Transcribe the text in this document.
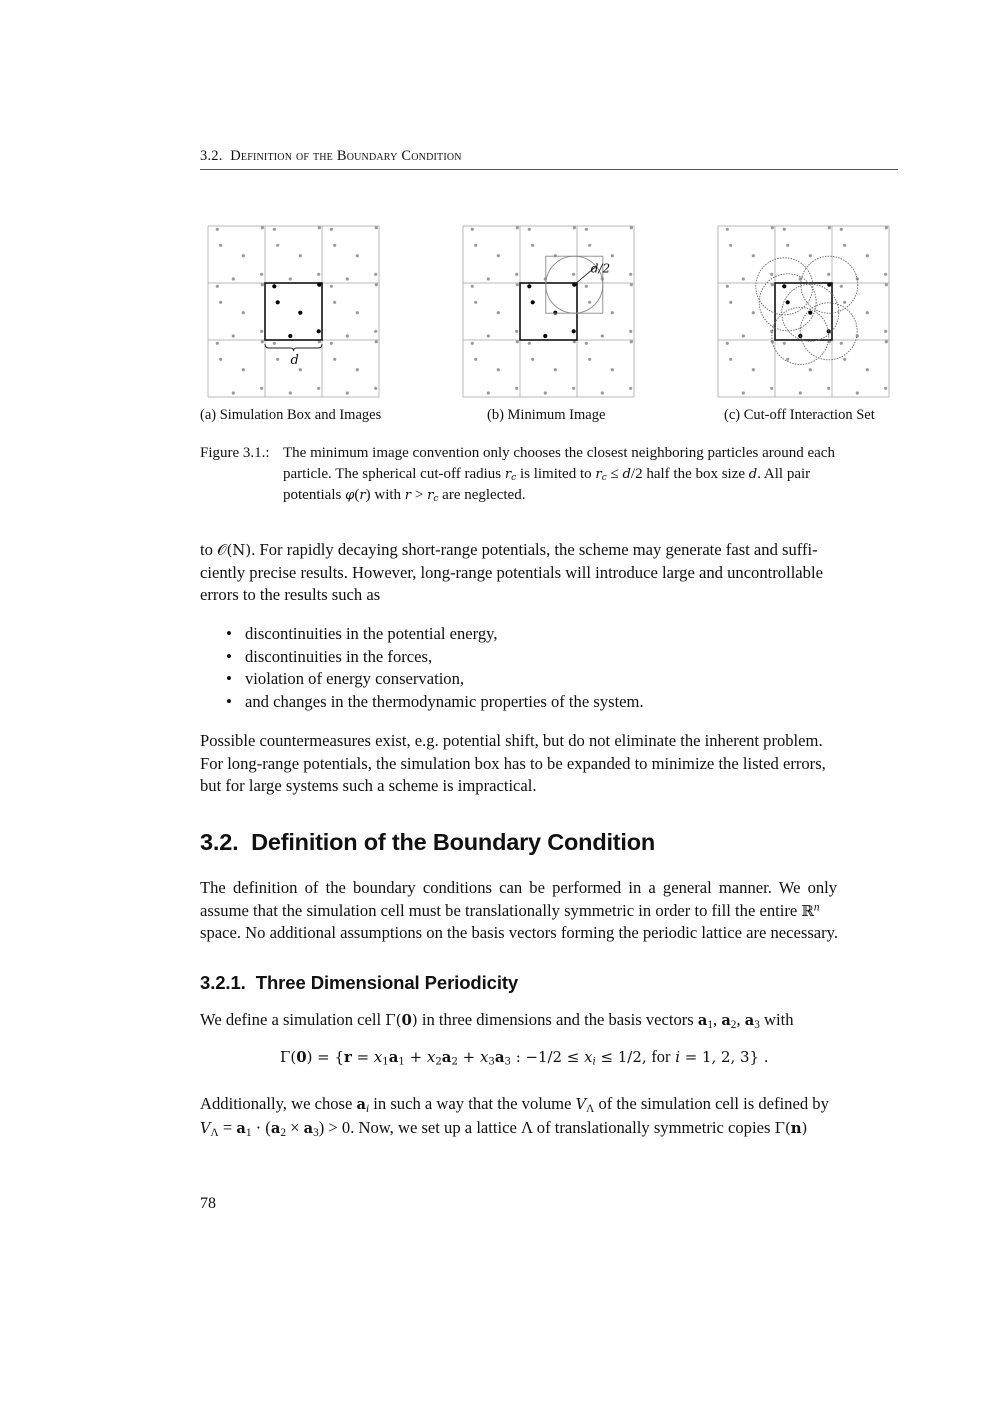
3.2. Definition of the Boundary Condition
d
d/2
(a) Simulation Box and Images	(b) Minimum Image	(c) Cut-off Interaction Set
Figure 3.1.: The minimum image convention only chooses the closest neighboring particles around each
particle. The spherical cut-off radius $r_c$ is limited to $r_c \le d/2$ half the box size d. All pair
potentials φ(r) with $r > r_c$ are neglected.
to 𝒪(N). For rapidly decaying short-range potentials, the scheme may generate fast and suffi-
ciently precise results. However, long-range potentials will introduce large and uncontrollable
errors to the results such as
• discontinuities in the potential energy,
• discontinuities in the forces,
• violation of energy conservation,
• and changes in the thermodynamic properties of the system.
Possible countermeasures exist, e.g. potential shift, but do not eliminate the inherent problem.
For long-range potentials, the simulation box has to be expanded to minimize the listed errors,
but for large systems such a scheme is impractical.
3.2. Definition of the Boundary Condition
The definition of the boundary conditions can be performed in a general manner. We only
assume that the simulation cell must be translationally symmetric in order to fill the entire ℝ$^n$
space. No additional assumptions on the basis vectors forming the periodic lattice are necessary.
3.2.1. Three Dimensional Periodicity
We define a simulation cell Γ(0) in three dimensions and the basis vectors $a_1$, $a_2$, $a_3$ with
$\Gamma(0) = \{r = x_1a_1 + x_2a_2 + x_3a_3$ : $-1/2 \le x_i \le 1/2$, for i = 1, 2, 3} .
Additionally, we chose $a_i$ in such a way that the volume $V_\Lambda$ of the simulation cell is defined by
$V_\Lambda = a_1 \cdot (a_2 \times a_3) > 0$. Now, we set up a lattice Λ of translationally symmetric copies Γ(n)
78
